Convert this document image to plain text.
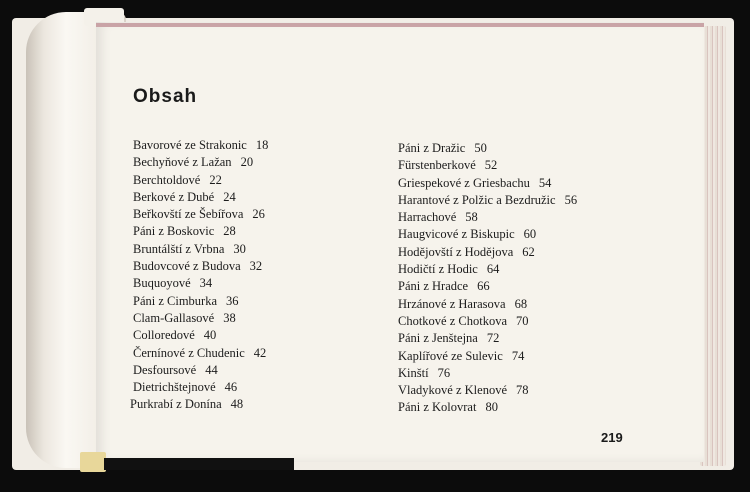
Obsah
Bavorové ze Strakonic 18
Bechyňové z Lažan 20
Berchtoldové 22
Berkové z Dubé 24
Beřkovští ze Šebířova 26
Páni z Boskovic 28
Bruntálští z Vrbna 30
Budovcové z Budova 32
Buquoyové 34
Páni z Cimburka 36
Clam-Gallasové 38
Colloredové 40
Černínové z Chudenic 42
Desfoursové 44
Dietrichštejnové 46
Purkrabí z Donína 48
Páni z Dražic 50
Fürstenberkové 52
Griespekové z Griesbachu 54
Harantové z Polžic a Bezdružic 56
Harrachové 58
Haugvicové z Biskupic 60
Hodějovští z Hodějova 62
Hodičtí z Hodic 64
Páni z Hradce 66
Hrzánové z Harasova 68
Chotkové z Chotkova 70
Páni z Jenštejna 72
Kaplířové ze Sulevic 74
Kinští 76
Vladykové z Klenové 78
Páni z Kolovrat 80
219
